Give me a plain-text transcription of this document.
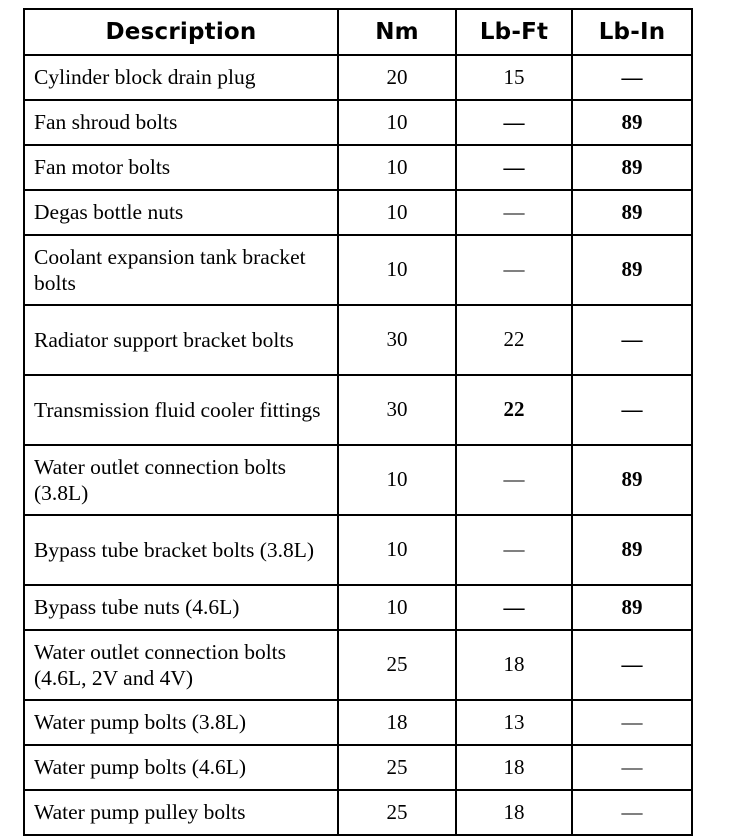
Description	Nm	Lb-Ft	Lb-In
Cylinder block drain plug	20	15	—
Fan shroud bolts	10	—	89
Fan motor bolts	10	—	89
Degas bottle nuts	10	—	89
Coolant expansion tank bracket bolts	10	—	89
Radiator support bracket bolts	30	22	—
Transmission fluid cooler fittings	30	22	—
Water outlet connection bolts (3.8L)	10	—	89
Bypass tube bracket bolts (3.8L)	10	—	89
Bypass tube nuts (4.6L)	10	—	89
Water outlet connection bolts (4.6L, 2V and 4V)	25	18	—
Water pump bolts (3.8L)	18	13	—
Water pump bolts (4.6L)	25	18	—
Water pump pulley bolts	25	18	—
